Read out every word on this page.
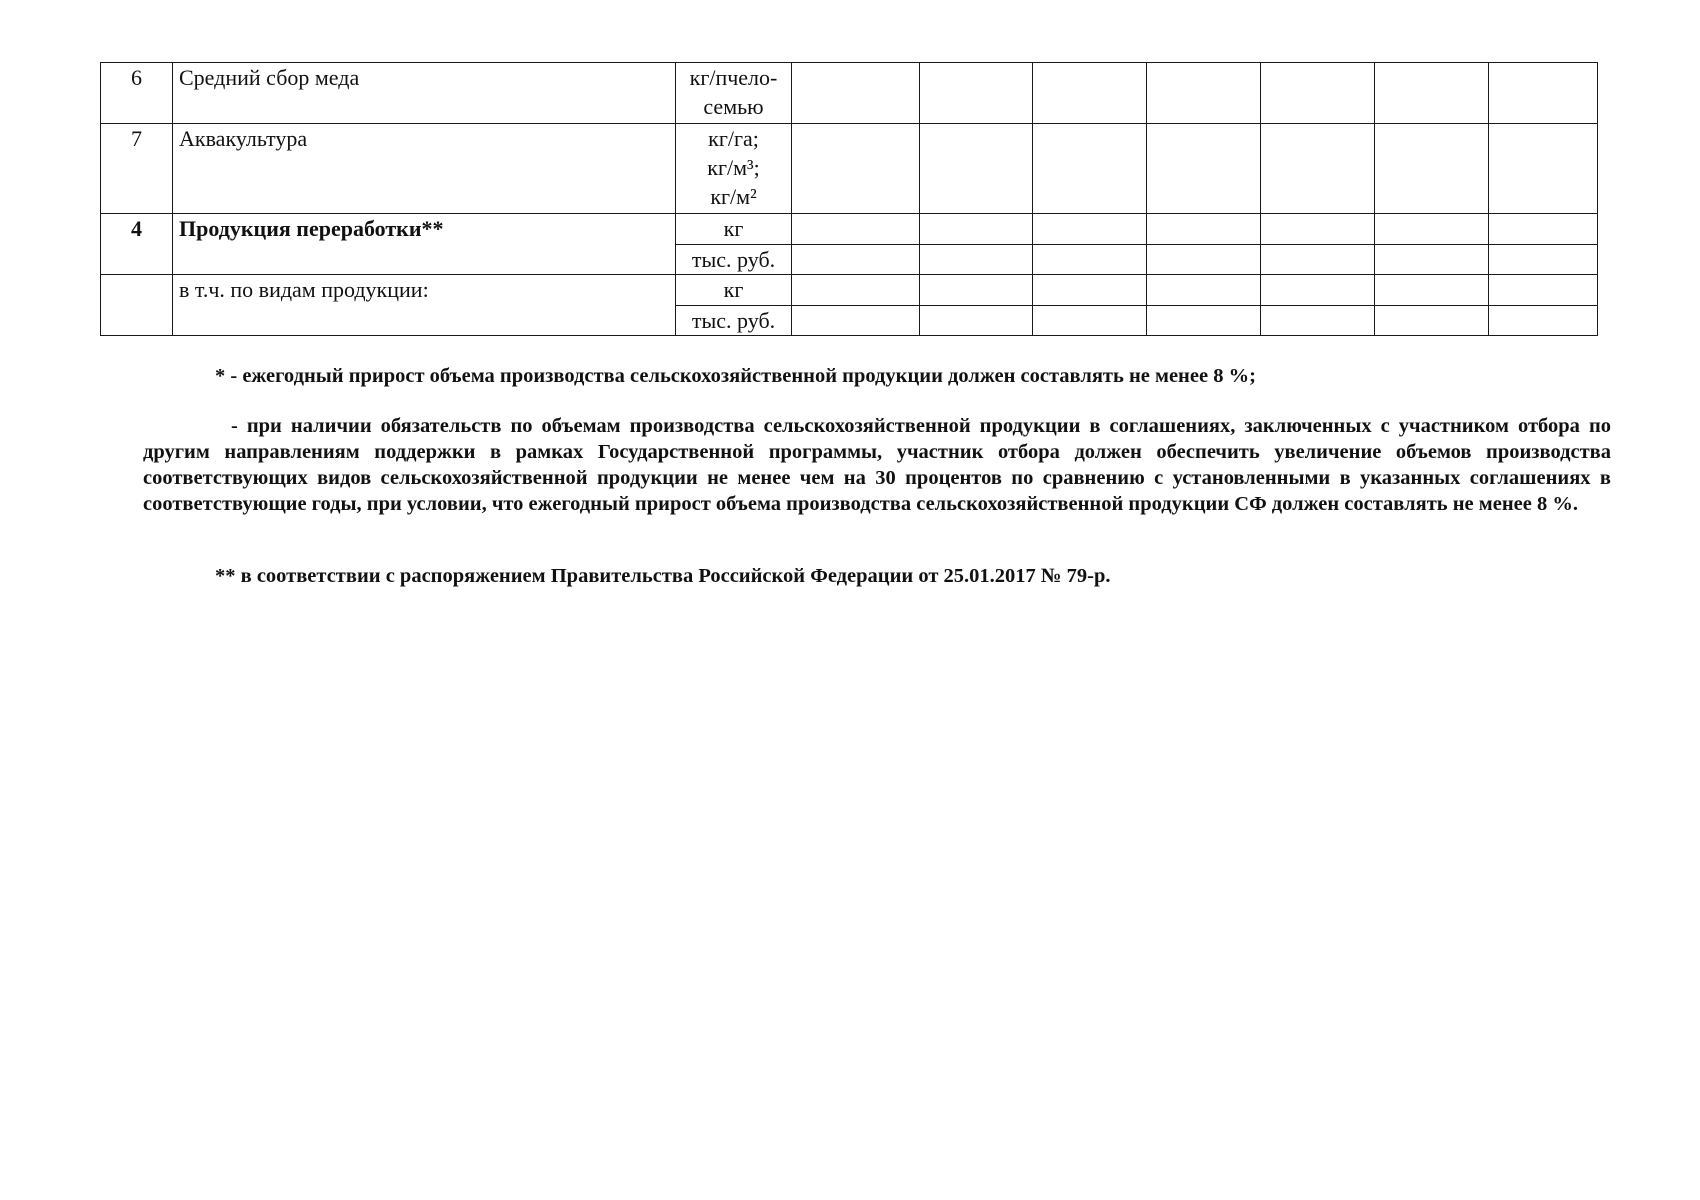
6	Средний сбор меда	кг/пчело-
семью							

7	Аквакультура	кг/га;
кг/м³;
кг/м²							

4	Продукция переработки**	кг							
		тыс. руб.							
	в т.ч. по видам продукции:	кг							
		тыс. руб.							

* - ежегодный прирост объема производства сельскохозяйственной продукции должен составлять не менее 8 %;

- при наличии обязательств по объемам производства сельскохозяйственной продукции в соглашениях, заключенных с участником отбора по другим направлениям поддержки в рамках Государственной программы, участник отбора должен обеспечить увеличение объемов производства соответствующих видов сельскохозяйственной продукции не менее чем на 30 процентов по сравнению с установленными в указанных соглашениях в соответствующие годы, при условии, что ежегодный прирост объема производства сельскохозяйственной продукции СФ должен составлять не менее 8 %.

** в соответствии с распоряжением Правительства Российской Федерации от 25.01.2017 № 79-р.
